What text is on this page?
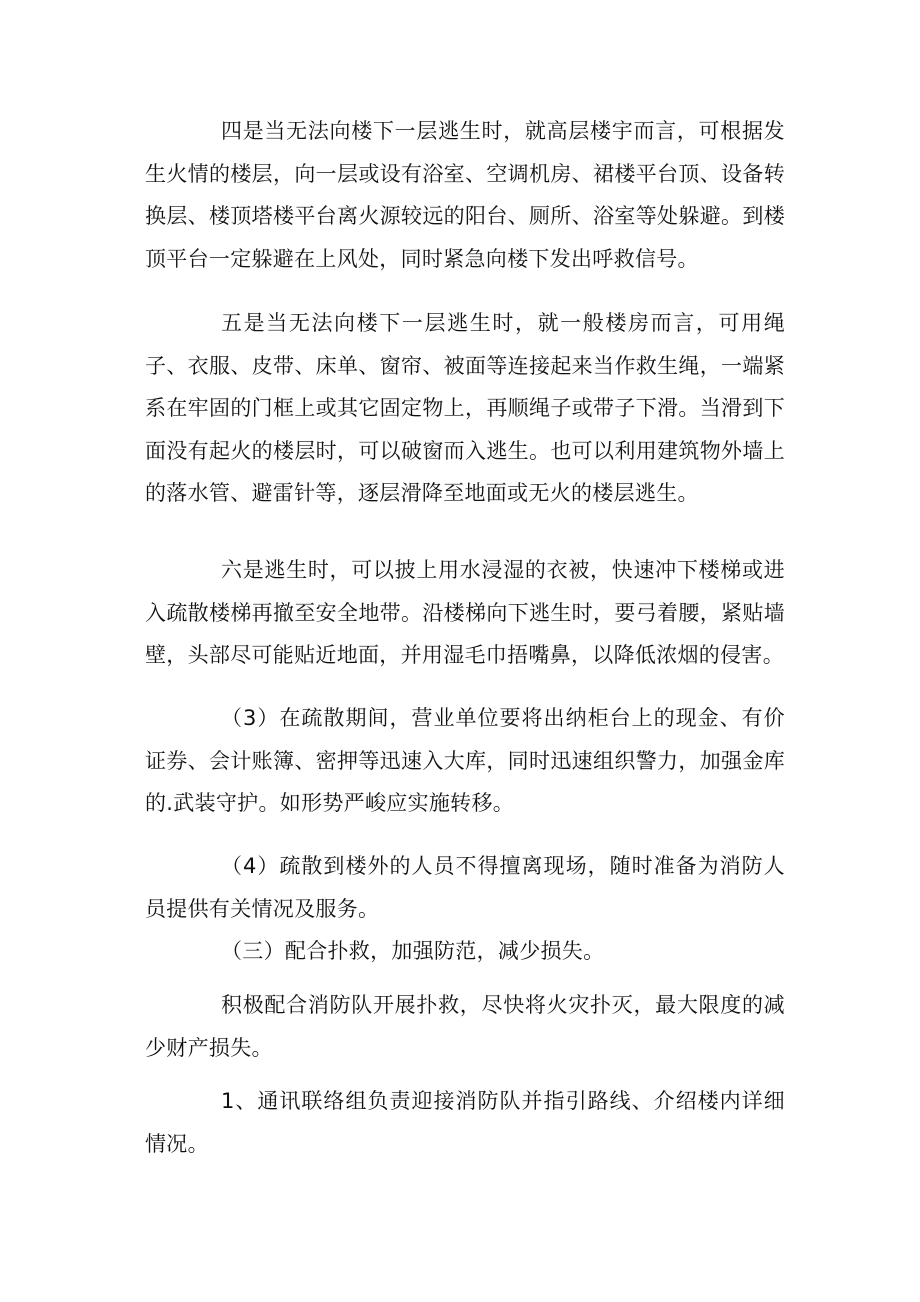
四是当无法向楼下一层逃生时，就高层楼宇而言，可根据发生火情的楼层，向一层或设有浴室、空调机房、裙楼平台顶、设备转换层、楼顶塔楼平台离火源较远的阳台、厕所、浴室等处躲避。到楼顶平台一定躲避在上风处，同时紧急向楼下发出呼救信号。

五是当无法向楼下一层逃生时，就一般楼房而言，可用绳子、衣服、皮带、床单、窗帘、被面等连接起来当作救生绳，一端紧系在牢固的门框上或其它固定物上，再顺绳子或带子下滑。当滑到下面没有起火的楼层时，可以破窗而入逃生。也可以利用建筑物外墙上的落水管、避雷针等，逐层滑降至地面或无火的楼层逃生。

六是逃生时，可以披上用水浸湿的衣被，快速冲下楼梯或进入疏散楼梯再撤至安全地带。沿楼梯向下逃生时，要弓着腰，紧贴墙壁，头部尽可能贴近地面，并用湿毛巾捂嘴鼻，以降低浓烟的侵害。

（3）在疏散期间，营业单位要将出纳柜台上的现金、有价证券、会计账簿、密押等迅速入大库，同时迅速组织警力，加强金库的.武装守护。如形势严峻应实施转移。

（4）疏散到楼外的人员不得擅离现场，随时准备为消防人员提供有关情况及服务。

（三）配合扑救，加强防范，减少损失。

积极配合消防队开展扑救，尽快将火灾扑灭，最大限度的减少财产损失。

1、通讯联络组负责迎接消防队并指引路线、介绍楼内详细情况。
